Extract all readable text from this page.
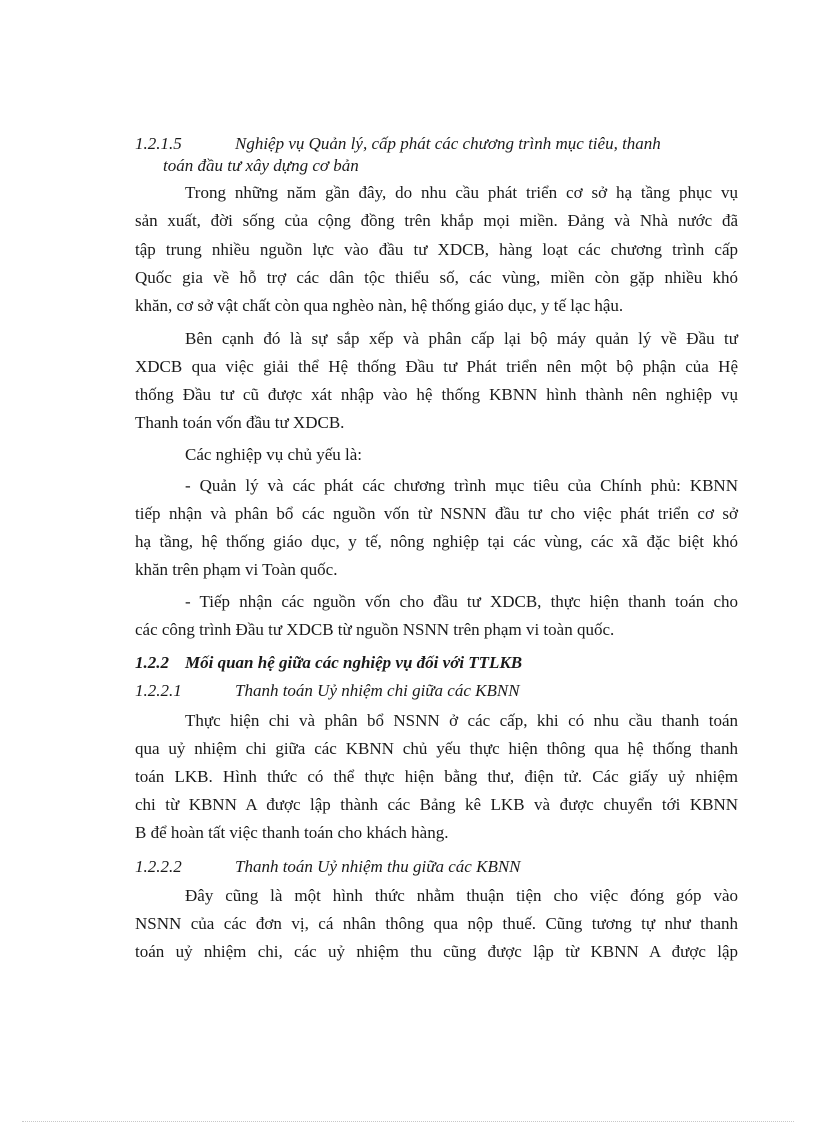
1.2.1.5	Nghiệp vụ Quản lý, cấp phát các chương trình mục tiêu, thanh
toán đầu tư xây dựng cơ bản
Trong những năm gần đây, do nhu cầu phát triển cơ sở hạ tầng phục vụ
sản xuất, đời sống của cộng đồng trên khắp mọi miền. Đảng và Nhà nước đã
tập trung nhiều nguồn lực vào đầu tư XDCB, hàng loạt các chương trình cấp
Quốc gia về hỗ trợ các dân tộc thiểu số, các vùng, miền còn gặp nhiều khó
khăn, cơ sở vật chất còn qua nghèo nàn, hệ thống giáo dục, y tế lạc hậu.
Bên cạnh đó là sự sắp xếp và phân cấp lại bộ máy quản lý về Đầu tư
XDCB qua việc giải thể Hệ thống Đầu tư Phát triển nên một bộ phận của Hệ
thống Đầu tư cũ được xát nhập vào hệ thống KBNN hình thành nên nghiệp vụ
Thanh toán vốn đầu tư XDCB.
Các nghiệp vụ chủ yếu là:
- Quản lý và các phát các chương trình mục tiêu của Chính phủ: KBNN
tiếp nhận và phân bổ các nguồn vốn từ NSNN đầu tư cho việc phát triển cơ sở
hạ tầng, hệ thống giáo dục, y tế, nông nghiệp tại các vùng, các xã đặc biệt khó
khăn trên phạm vi Toàn quốc.
- Tiếp nhận các nguồn vốn cho đầu tư XDCB, thực hiện thanh toán cho
các công trình Đầu tư XDCB từ nguồn NSNN trên phạm vi toàn quốc.
1.2.2 Mối quan hệ giữa các nghiệp vụ đối với TTLKB
1.2.2.1	Thanh toán Uỷ nhiệm chi giữa các KBNN
Thực hiện chi và phân bổ NSNN ở các cấp, khi có nhu cầu thanh toán
qua uỷ nhiệm chi giữa các KBNN chủ yếu thực hiện thông qua hệ thống thanh
toán LKB. Hình thức có thể thực hiện bằng thư, điện tử. Các giấy uỷ nhiệm
chi từ KBNN A được lập thành các Bảng kê LKB và được chuyển tới KBNN
B để hoàn tất việc thanh toán cho khách hàng.
1.2.2.2	Thanh toán Uỷ nhiệm thu giữa các KBNN
Đây cũng là một hình thức nhằm thuận tiện cho việc đóng góp vào
NSNN của các đơn vị, cá nhân thông qua nộp thuế. Cũng tương tự như thanh
toán uỷ nhiệm chi, các uỷ nhiệm thu cũng được lập từ KBNN A được lập
